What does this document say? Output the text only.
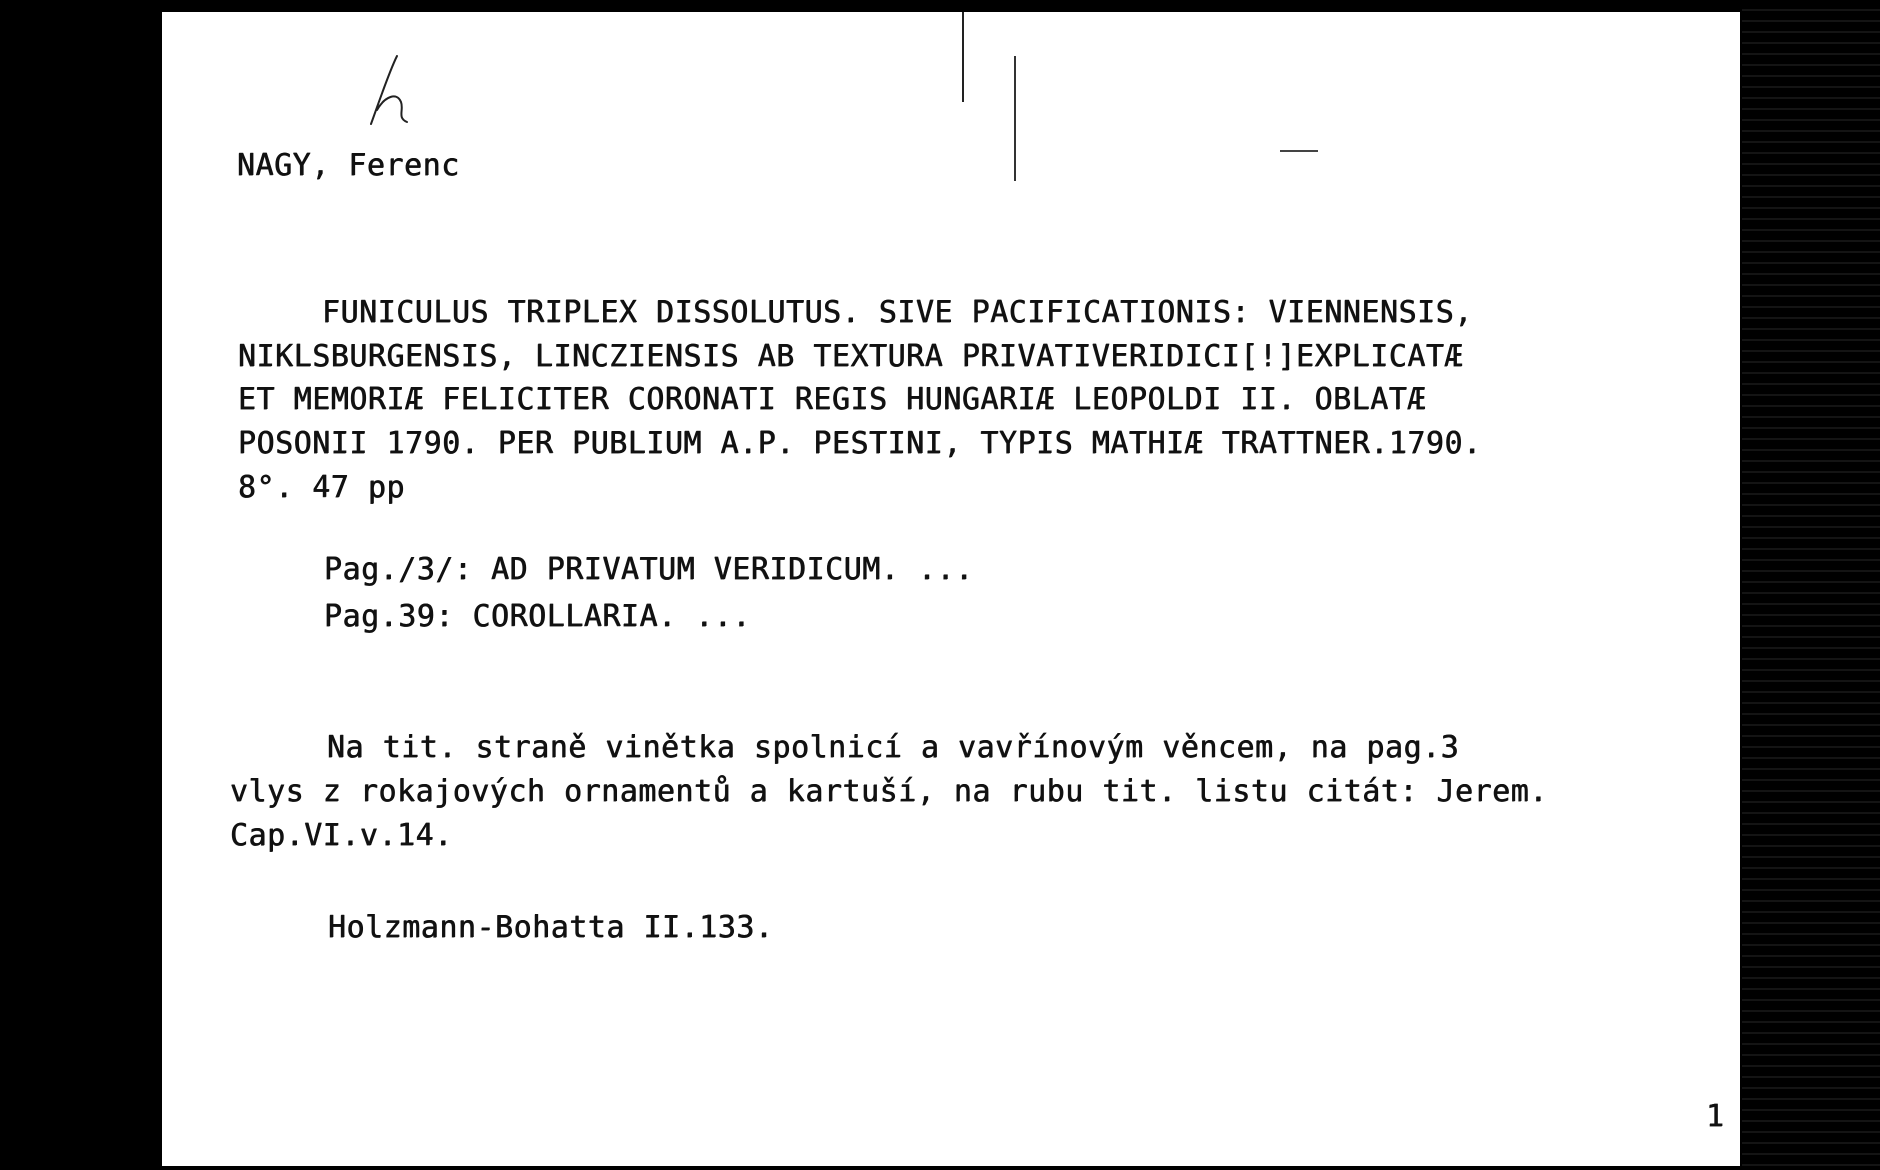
NAGY, Ferenc
FUNICULUS TRIPLEX DISSOLUTUS. SIVE PACIFICATIONIS: VIENNENSIS,
NIKLSBURGENSIS, LINCZIENSIS AB TEXTURA PRIVATIVERIDICI[!]EXPLICATÆ
ET MEMORIÆ FELICITER CORONATI REGIS HUNGARIÆ LEOPOLDI II. OBLATÆ
POSONII 1790. PER PUBLIUM A.P. PESTINI, TYPIS MATHIÆ TRATTNER.1790.
8°. 47 pp
Pag./3/: AD PRIVATUM VERIDICUM. ...
Pag.39: COROLLARIA. ...
Na tit. straně vinětka spolnicí a vavřínovým věncem, na pag.3
vlys z rokajových ornamentů a kartuší, na rubu tit. listu citát: Jerem.
Cap.VI.v.14.
Holzmann-Bohatta II.133.
1
